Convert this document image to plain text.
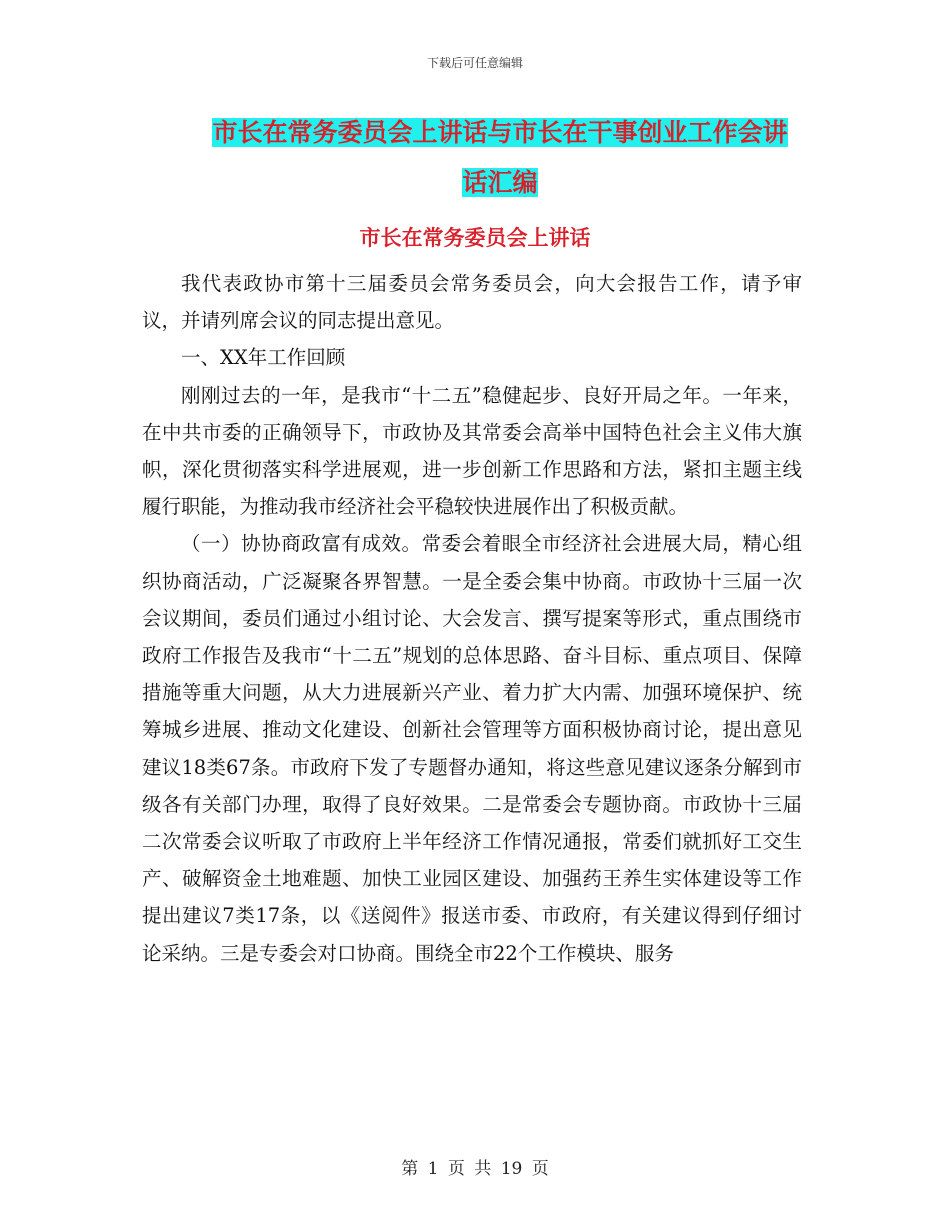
下载后可任意编辑
市长在常务委员会上讲话与市长在干事创业工作会讲
话汇编
市长在常务委员会上讲话

我代表政协市第十三届委员会常务委员会，向大会报告工作，请予审议，并请列席会议的同志提出意见。

一、XX年工作回顾

刚刚过去的一年，是我市“十二五”稳健起步、良好开局之年。一年来，在中共市委的正确领导下，市政协及其常委会高举中国特色社会主义伟大旗帜，深化贯彻落实科学进展观，进一步创新工作思路和方法，紧扣主题主线履行职能，为推动我市经济社会平稳较快进展作出了积极贡献。

（一）协协商政富有成效。常委会着眼全市经济社会进展大局，精心组织协商活动，广泛凝聚各界智慧。一是全委会集中协商。市政协十三届一次会议期间，委员们通过小组讨论、大会发言、撰写提案等形式，重点围绕市政府工作报告及我市“十二五”规划的总体思路、奋斗目标、重点项目、保障措施等重大问题，从大力进展新兴产业、着力扩大内需、加强环境保护、统筹城乡进展、推动文化建设、创新社会管理等方面积极协商讨论，提出意见建议18类67条。市政府下发了专题督办通知，将这些意见建议逐条分解到市级各有关部门办理，取得了良好效果。二是常委会专题协商。市政协十三届二次常委会议听取了市政府上半年经济工作情况通报，常委们就抓好工交生产、破解资金土地难题、加快工业园区建设、加强药王养生实体建设等工作提出建议7类17条，以《送阅件》报送市委、市政府，有关建议得到仔细讨论采纳。三是专委会对口协商。围绕全市22个工作模块、服务

第 1 页 共 19 页
